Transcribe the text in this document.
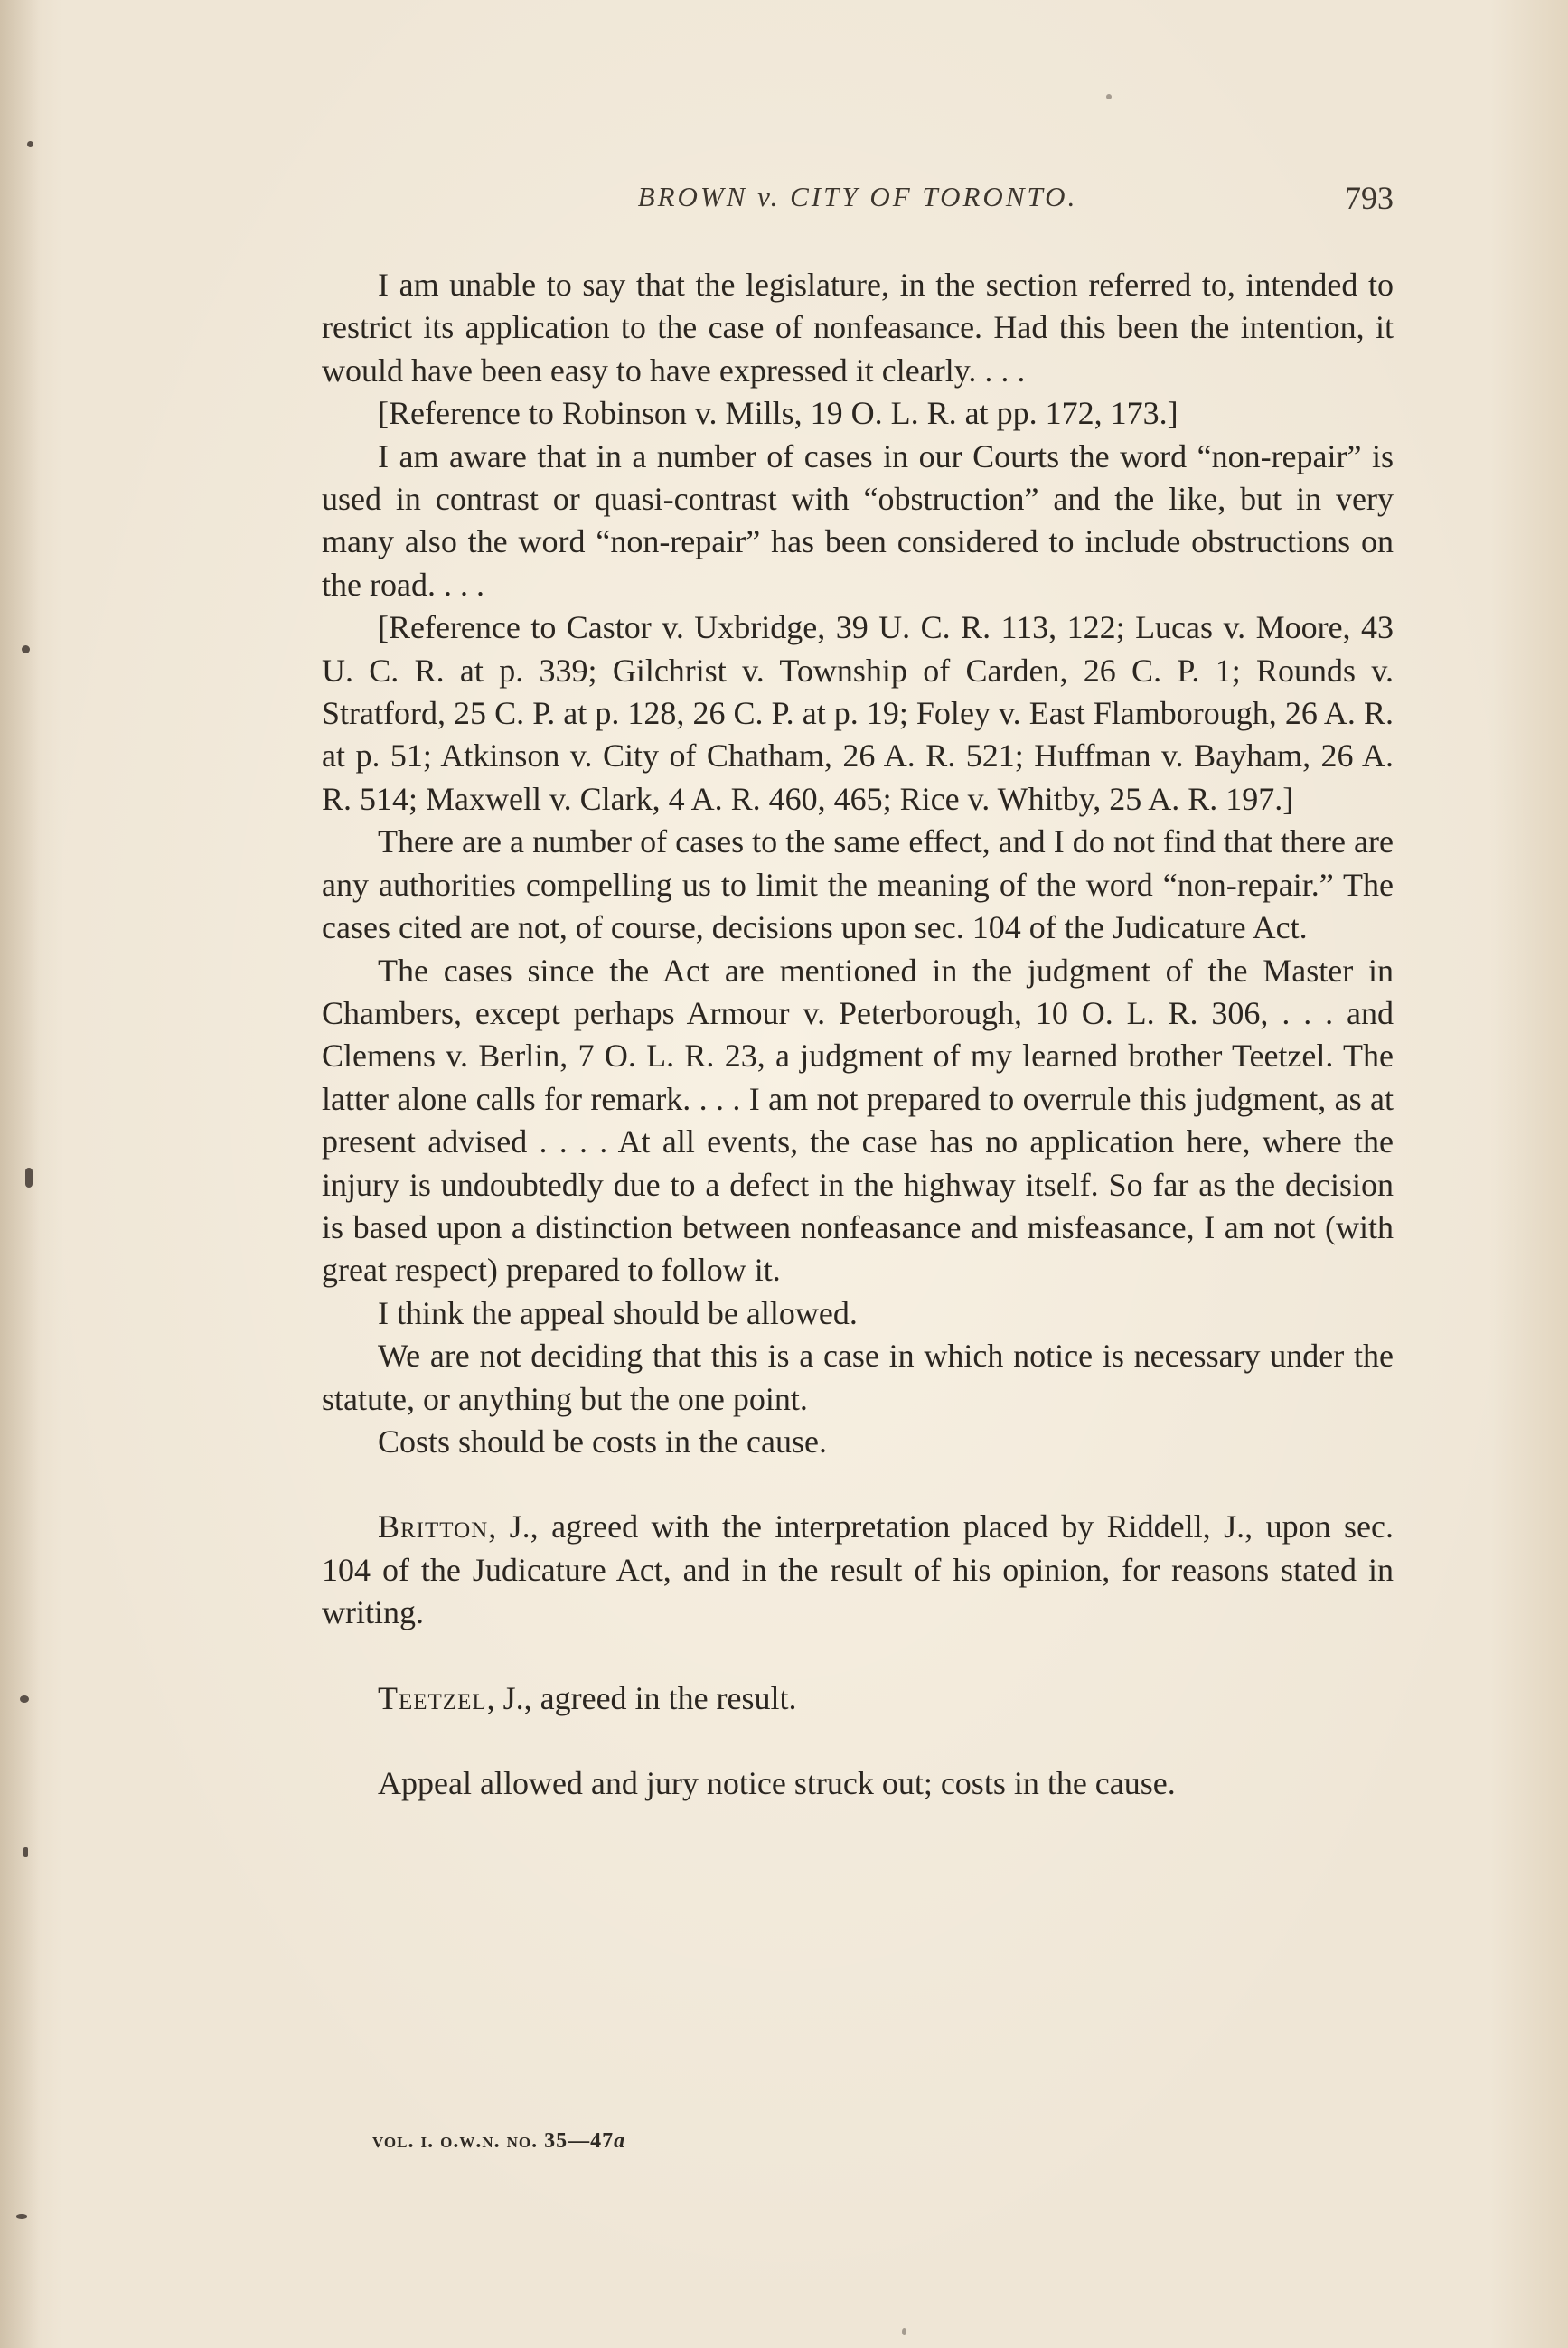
BROWN v. CITY OF TORONTO.	793

I am unable to say that the legislature, in the section referred to, intended to restrict its application to the case of nonfeasance. Had this been the intention, it would have been easy to have expressed it clearly. . . .

[Reference to Robinson v. Mills, 19 O. L. R. at pp. 172, 173.]

I am aware that in a number of cases in our Courts the word “non-repair” is used in contrast or quasi-contrast with “obstruction” and the like, but in very many also the word “non-repair” has been considered to include obstructions on the road. . . .

[Reference to Castor v. Uxbridge, 39 U. C. R. 113, 122; Lucas v. Moore, 43 U. C. R. at p. 339; Gilchrist v. Township of Carden, 26 C. P. 1; Rounds v. Stratford, 25 C. P. at p. 128, 26 C. P. at p. 19; Foley v. East Flamborough, 26 A. R. at p. 51; Atkinson v. City of Chatham, 26 A. R. 521; Huffman v. Bayham, 26 A. R. 514; Maxwell v. Clark, 4 A. R. 460, 465; Rice v. Whitby, 25 A. R. 197.]

There are a number of cases to the same effect, and I do not find that there are any authorities compelling us to limit the meaning of the word “non-repair.” The cases cited are not, of course, decisions upon sec. 104 of the Judicature Act.

The cases since the Act are mentioned in the judgment of the Master in Chambers, except perhaps Armour v. Peterborough, 10 O. L. R. 306, . . . and Clemens v. Berlin, 7 O. L. R. 23, a judgment of my learned brother Teetzel. The latter alone calls for remark. . . . I am not prepared to overrule this judgment, as at present advised . . . . At all events, the case has no application here, where the injury is undoubtedly due to a defect in the highway itself. So far as the decision is based upon a distinction between nonfeasance and misfeasance, I am not (with great respect) prepared to follow it.

I think the appeal should be allowed.

We are not deciding that this is a case in which notice is necessary under the statute, or anything but the one point.

Costs should be costs in the cause.

Britton, J., agreed with the interpretation placed by Riddell, J., upon sec. 104 of the Judicature Act, and in the result of his opinion, for reasons stated in writing.

Teetzel, J., agreed in the result.

Appeal allowed and jury notice struck out; costs in the cause.

vol. i. o.w.n. no. 35—47a
